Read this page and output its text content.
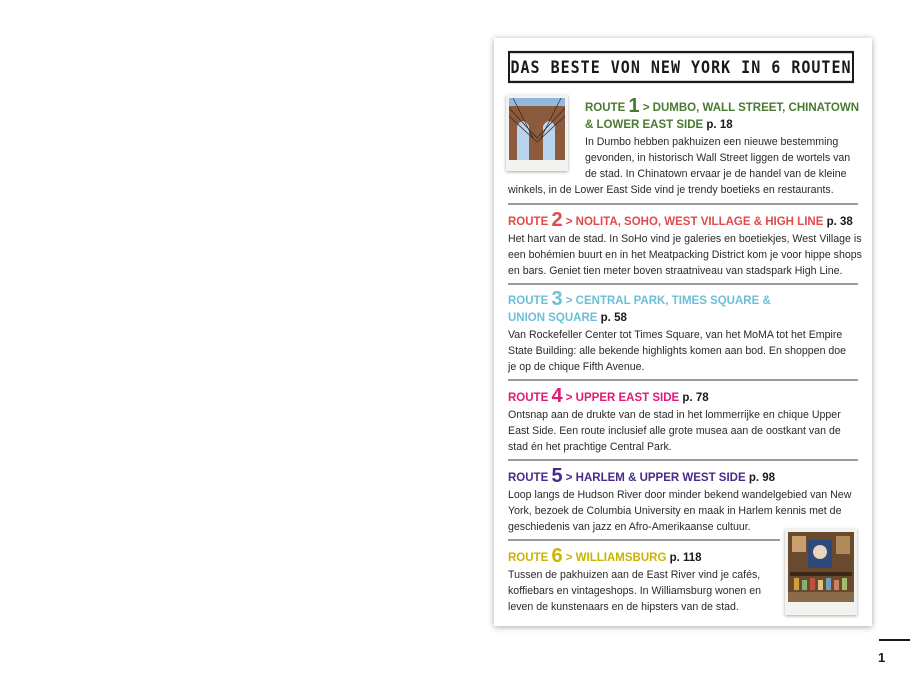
DAS BESTE VON NEW YORK IN 6 ROUTEN
ROUTE 1 > DUMBO, WALL STREET, CHINATOWN
& LOWER EAST SIDE p. 18
In Dumbo hebben pakhuizen een nieuwe bestemming
gevonden, in historisch Wall Street liggen de wortels van
de stad. In Chinatown ervaar je de handel van de kleine
winkels, in de Lower East Side vind je trendy boetieks en restaurants.
ROUTE 2 > NOLITA, SOHO, WEST VILLAGE & HIGH LINE p. 38
Het hart van de stad. In SoHo vind je galeries en boetiekjes, West Village is
een bohémien buurt en in het Meatpacking District kom je voor hippe shops
en bars. Geniet tien meter boven straatniveau van stadspark High Line.
ROUTE 3 > CENTRAL PARK, TIMES SQUARE &
UNION SQUARE p. 58
Van Rockefeller Center tot Times Square, van het MoMA tot het Empire
State Building: alle bekende highlights komen aan bod. En shoppen doe
je op de chique Fifth Avenue.
ROUTE 4 > UPPER EAST SIDE p. 78
Ontsnap aan de drukte van de stad in het lommerrijke en chique Upper
East Side. Een route inclusief alle grote musea aan de oostkant van de
stad én het prachtige Central Park.
ROUTE 5 > HARLEM & UPPER WEST SIDE p. 98
Loop langs de Hudson River door minder bekend wandelgebied van New
York, bezoek de Columbia University en maak in Harlem kennis met de
geschiedenis van jazz en Afro-Amerikaanse cultuur.
ROUTE 6 > WILLIAMSBURG p. 118
Tussen de pakhuizen aan de East River vind je cafés,
koffiebars en vintageshops. In Williamsburg wonen en
leven de kunstenaars en de hipsters van de stad.
1
